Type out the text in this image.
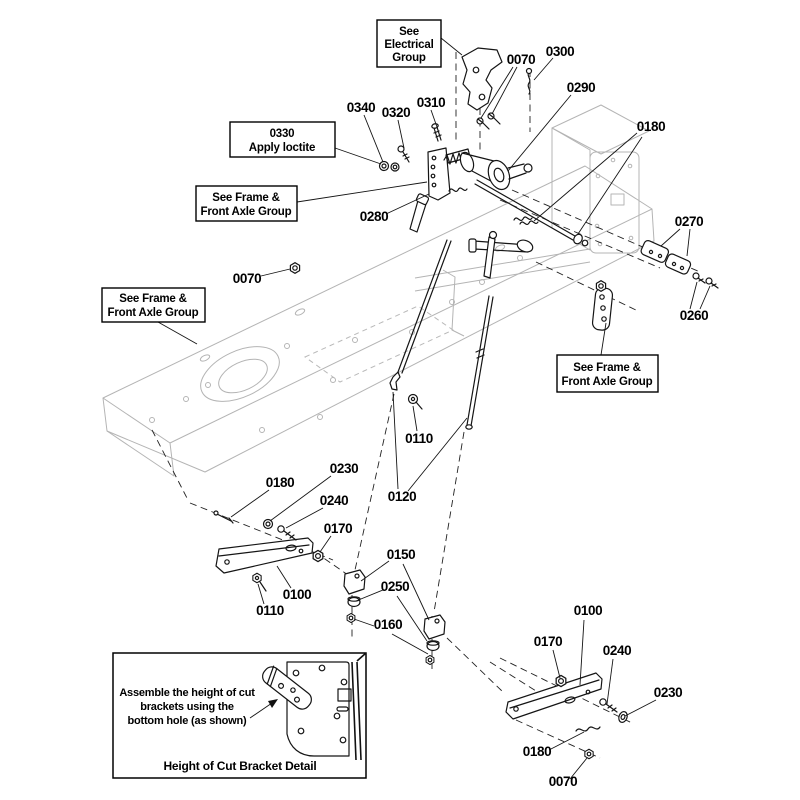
0070
0300
0290
0310
0320
0340
0180
0280	0270
0260
0070
0110
0120
0230
0180
0240
0170
0100
0110
0150
0250
0160
0100
0170
0240
0230
0180
0070
See
Electrical
Group
0330
Apply loctite
See Frame &
Front Axle Group
See Frame &
Front Axle Group
See Frame &
Front Axle Group
Assemble the height of cut
brackets using the
bottom hole (as shown)
Height of Cut Bracket Detail
